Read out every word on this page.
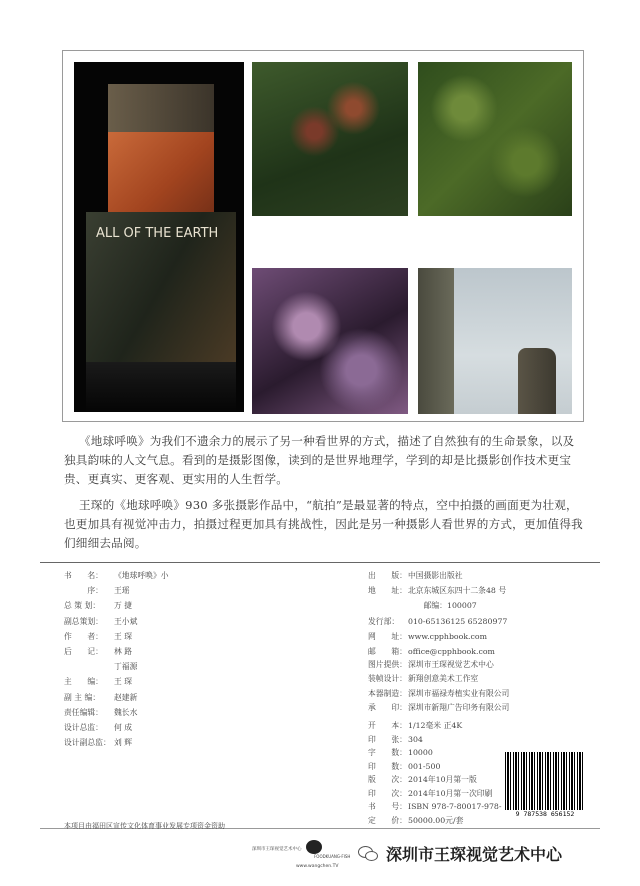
ALL OF THE EARTH
《地球呼唤》为我们不遗余力的展示了另一种看世界的方式，描述了自然独有的生命景象，以及独具韵味的人文气息。看到的是摄影图像，读到的是世界地理学，学到的却是比摄影创作技术更宝贵、更真实、更客观、更实用的人生哲学。
王琛的《地球呼唤》930 多张摄影作品中，“航拍”是最显著的特点，空中拍摄的画面更为壮观，也更加具有视觉冲击力，拍摄过程更加具有挑战性，因此是另一种摄影人看世界的方式，更加值得我们细细去品阅。
书　　名： 《地球呼唤》小
　　　序： 王瑶
总 策 划： 万 捷
副总策划： 王小斌
作　　者： 王 琛
后　　记： 林 路
丁福源
主　　编： 王 琛
副 主 编： 赵建新
责任编辑： 魏长水
设计总监： 何 成
设计副总监： 刘 辉
出　　版：中国摄影出版社
地　　址：北京东城区东四十二条48 号
　　邮编：100007
发行部： 010-65136125 65280977
网　　址：www.cpphbook.com
邮　　箱：office@cpphbook.com
图片提供：深圳市王琛视觉艺术中心
装帧设计：新翔创意美术工作室
本器制造：深圳市福禄寿植实业有限公司
承　　印：深圳市新翔广告印务有限公司
开　　本：1/12毫米 正4K
印　　张：304
字　　数：10000
印　　数：001-500
版　　次：2014年10月第一版
印　　次：2014年10月第一次印刷
书　　号：ISBN 978-7-80017-978-
定　　价：50000.00元/套
9 787538 656152
本项目由福田区宣传文化体育事业发展专项资金资助
深圳市王琛视觉艺术中心
FOODKUANG-FISH
www.wangchen.TV
深圳市王琛视觉艺术中心
